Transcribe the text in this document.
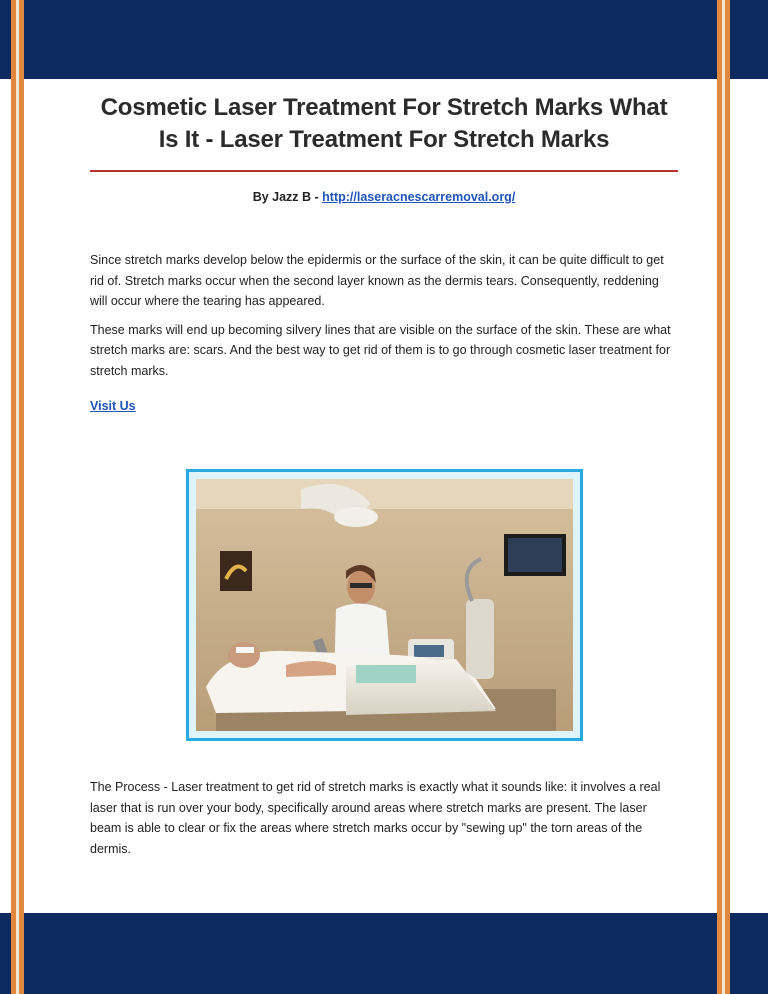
Cosmetic Laser Treatment For Stretch Marks What
Is It - Laser Treatment For Stretch Marks
By Jazz B - http://laseracnescarremoval.org/

Since stretch marks develop below the epidermis or the surface of the skin, it can be quite difficult to get rid of. Stretch marks occur when the second layer known as the dermis tears. Consequently, reddening will occur where the tearing has appeared.

These marks will end up becoming silvery lines that are visible on the surface of the skin. These are what stretch marks are: scars. And the best way to get rid of them is to go through cosmetic laser treatment for stretch marks.

Visit Us

The Process - Laser treatment to get rid of stretch marks is exactly what it sounds like: it involves a real laser that is run over your body, specifically around areas where stretch marks are present. The laser beam is able to clear or fix the areas where stretch marks occur by "sewing up" the torn areas of the dermis.
